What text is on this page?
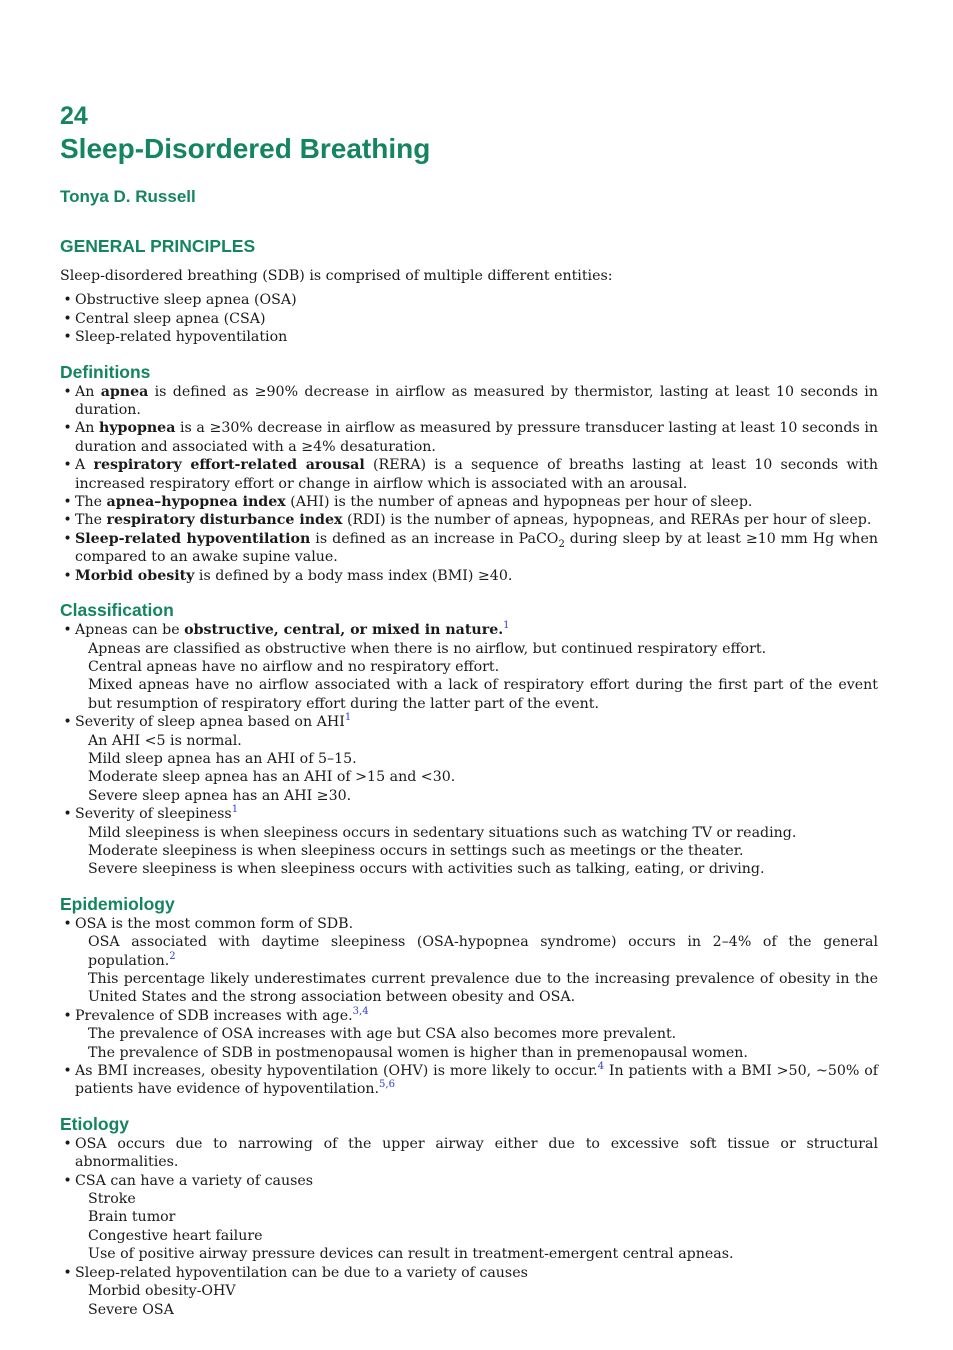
24
Sleep-Disordered Breathing
Tonya D. Russell
GENERAL PRINCIPLES
Sleep-disordered breathing (SDB) is comprised of multiple different entities:
• Obstructive sleep apnea (OSA)
• Central sleep apnea (CSA)
• Sleep-related hypoventilation
Definitions
• An apnea is defined as ≥90% decrease in airflow as measured by thermistor, lasting at least 10 seconds in duration.
• An hypopnea is a ≥30% decrease in airflow as measured by pressure transducer lasting at least 10 seconds in duration and associated with a ≥4% desaturation.
• A respiratory effort-related arousal (RERA) is a sequence of breaths lasting at least 10 seconds with increased respiratory effort or change in airflow which is associated with an arousal.
• The apnea–hypopnea index (AHI) is the number of apneas and hypopneas per hour of sleep.
• The respiratory disturbance index (RDI) is the number of apneas, hypopneas, and RERAs per hour of sleep.
• Sleep-related hypoventilation is defined as an increase in PaCO$_2$ during sleep by at least ≥10 mm Hg when compared to an awake supine value.
• Morbid obesity is defined by a body mass index (BMI) ≥40.
Classification
• Apneas can be obstructive, central, or mixed in nature.$^1$
Apneas are classified as obstructive when there is no airflow, but continued respiratory effort.
Central apneas have no airflow and no respiratory effort.
Mixed apneas have no airflow associated with a lack of respiratory effort during the first part of the event but resumption of respiratory effort during the latter part of the event.
• Severity of sleep apnea based on AHI$^1$
An AHI <5 is normal.
Mild sleep apnea has an AHI of 5–15.
Moderate sleep apnea has an AHI of >15 and <30.
Severe sleep apnea has an AHI ≥30.
• Severity of sleepiness$^1$
Mild sleepiness is when sleepiness occurs in sedentary situations such as watching TV or reading.
Moderate sleepiness is when sleepiness occurs in settings such as meetings or the theater.
Severe sleepiness is when sleepiness occurs with activities such as talking, eating, or driving.
Epidemiology
• OSA is the most common form of SDB.
OSA associated with daytime sleepiness (OSA-hypopnea syndrome) occurs in 2–4% of the general population.$^2$
This percentage likely underestimates current prevalence due to the increasing prevalence of obesity in the United States and the strong association between obesity and OSA.
• Prevalence of SDB increases with age.$^{3,4}$
The prevalence of OSA increases with age but CSA also becomes more prevalent.
The prevalence of SDB in postmenopausal women is higher than in premenopausal women.
• As BMI increases, obesity hypoventilation (OHV) is more likely to occur.$^4$ In patients with a BMI >50, ~50% of patients have evidence of hypoventilation.$^{5,6}$
Etiology
• OSA occurs due to narrowing of the upper airway either due to excessive soft tissue or structural abnormalities.
• CSA can have a variety of causes
Stroke
Brain tumor
Congestive heart failure
Use of positive airway pressure devices can result in treatment-emergent central apneas.
• Sleep-related hypoventilation can be due to a variety of causes
Morbid obesity-OHV
Severe OSA
